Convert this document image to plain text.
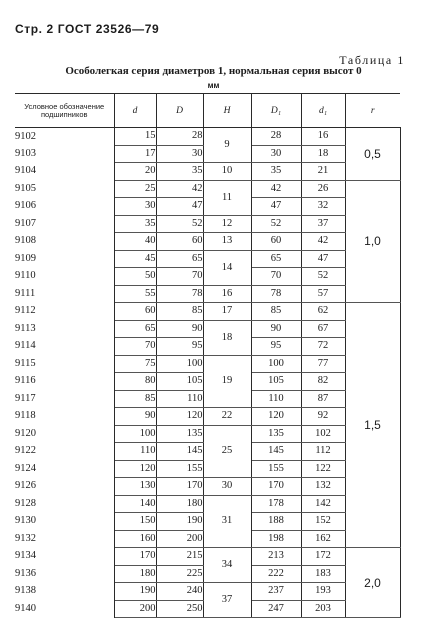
Стр. 2 ГОСТ 23526—79
Таблица 1
Особолегкая серия диаметров 1, нормальная серия высот 0
мм
Условное обозначение подшипников	d	D	H	D₁	d₁	r
9102	15	28	9	28	16	0,5
9103	17	30		30	18	
9104	20	35	10	35	21	
9105	25	42	11	42	26	1,0
9106	30	47		47	32	
9107	35	52	12	52	37	
9108	40	60	13	60	42	
9109	45	65	14	65	47	
9110	50	70		70	52	
9111	55	78	16	78	57	
9112	60	85	17	85	62	1,5
9113	65	90	18	90	67	
9114	70	95		95	72	
9115	75	100	19	100	77	
9116	80	105		105	82	
9117	85	110		110	87	
9118	90	120	22	120	92	
9120	100	135	25	135	102	
9122	110	145		145	112	
9124	120	155		155	122	
9126	130	170	30	170	132	
9128	140	180	31	178	142	
9130	150	190		188	152	
9132	160	200		198	162	
9134	170	215	34	213	172	2,0
9136	180	225		222	183	
9138	190	240	37	237	193	
9140	200	250		247	203	
